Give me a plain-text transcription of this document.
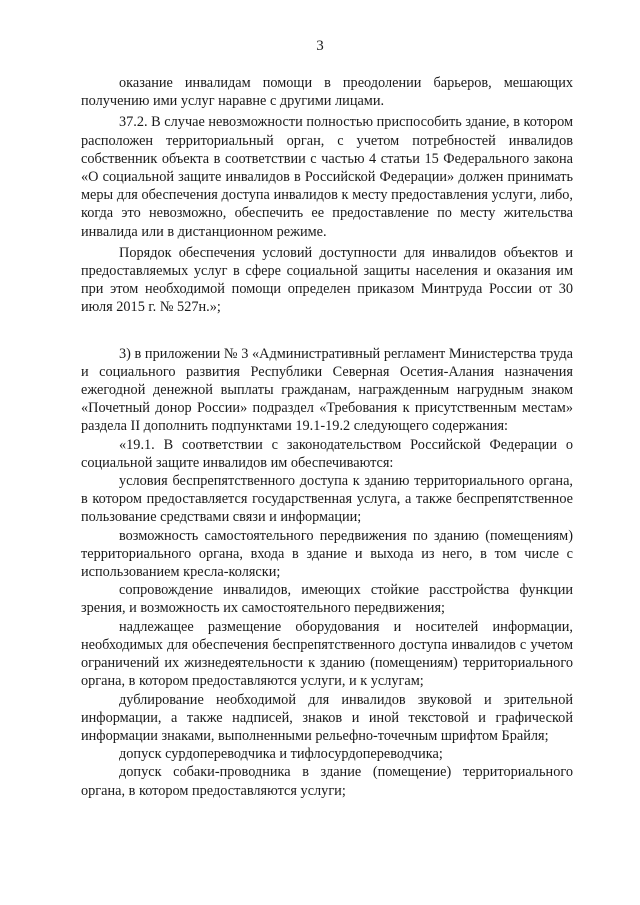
3

оказание инвалидам помощи в преодолении барьеров, мешающих получению ими услуг наравне с другими лицами.

37.2. В случае невозможности полностью приспособить здание, в котором расположен территориальный орган, с учетом потребностей инвалидов собственник объекта в соответствии с частью 4 статьи 15 Федерального закона «О социальной защите инвалидов в Российской Федерации» должен принимать меры для обеспечения доступа инвалидов к месту предоставления услуги, либо, когда это невозможно, обеспечить ее предоставление по месту жительства инвалида или в дистанционном режиме.

Порядок обеспечения условий доступности для инвалидов объектов и предоставляемых услуг в сфере социальной защиты населения и оказания им при этом необходимой помощи определен приказом Минтруда России от 30 июля 2015 г. № 527н.»;

3) в приложении № 3 «Административный регламент Министерства труда и социального развития Республики Северная Осетия-Алания назначения ежегодной денежной выплаты гражданам, награжденным нагрудным знаком «Почетный донор России» подраздел «Требования к присутственным местам» раздела II дополнить подпунктами 19.1-19.2 следующего содержания:

«19.1. В соответствии с законодательством Российской Федерации о социальной защите инвалидов им обеспечиваются:

условия беспрепятственного доступа к зданию территориального органа, в котором предоставляется государственная услуга, а также беспрепятственное пользование средствами связи и информации;

возможность самостоятельного передвижения по зданию (помещениям) территориального органа, входа в здание и выхода из него, в том числе с использованием кресла-коляски;

сопровождение инвалидов, имеющих стойкие расстройства функции зрения, и возможность их самостоятельного передвижения;

надлежащее размещение оборудования и носителей информации, необходимых для обеспечения беспрепятственного доступа инвалидов с учетом ограничений их жизнедеятельности к зданию (помещениям) территориального органа, в котором предоставляются услуги, и к услугам;

дублирование необходимой для инвалидов звуковой и зрительной информации, а также надписей, знаков и иной текстовой и графической информации знаками, выполненными рельефно-точечным шрифтом Брайля;

допуск сурдопереводчика и тифлосурдопереводчика;

допуск собаки-проводника в здание (помещение) территориального органа, в котором предоставляются услуги;
